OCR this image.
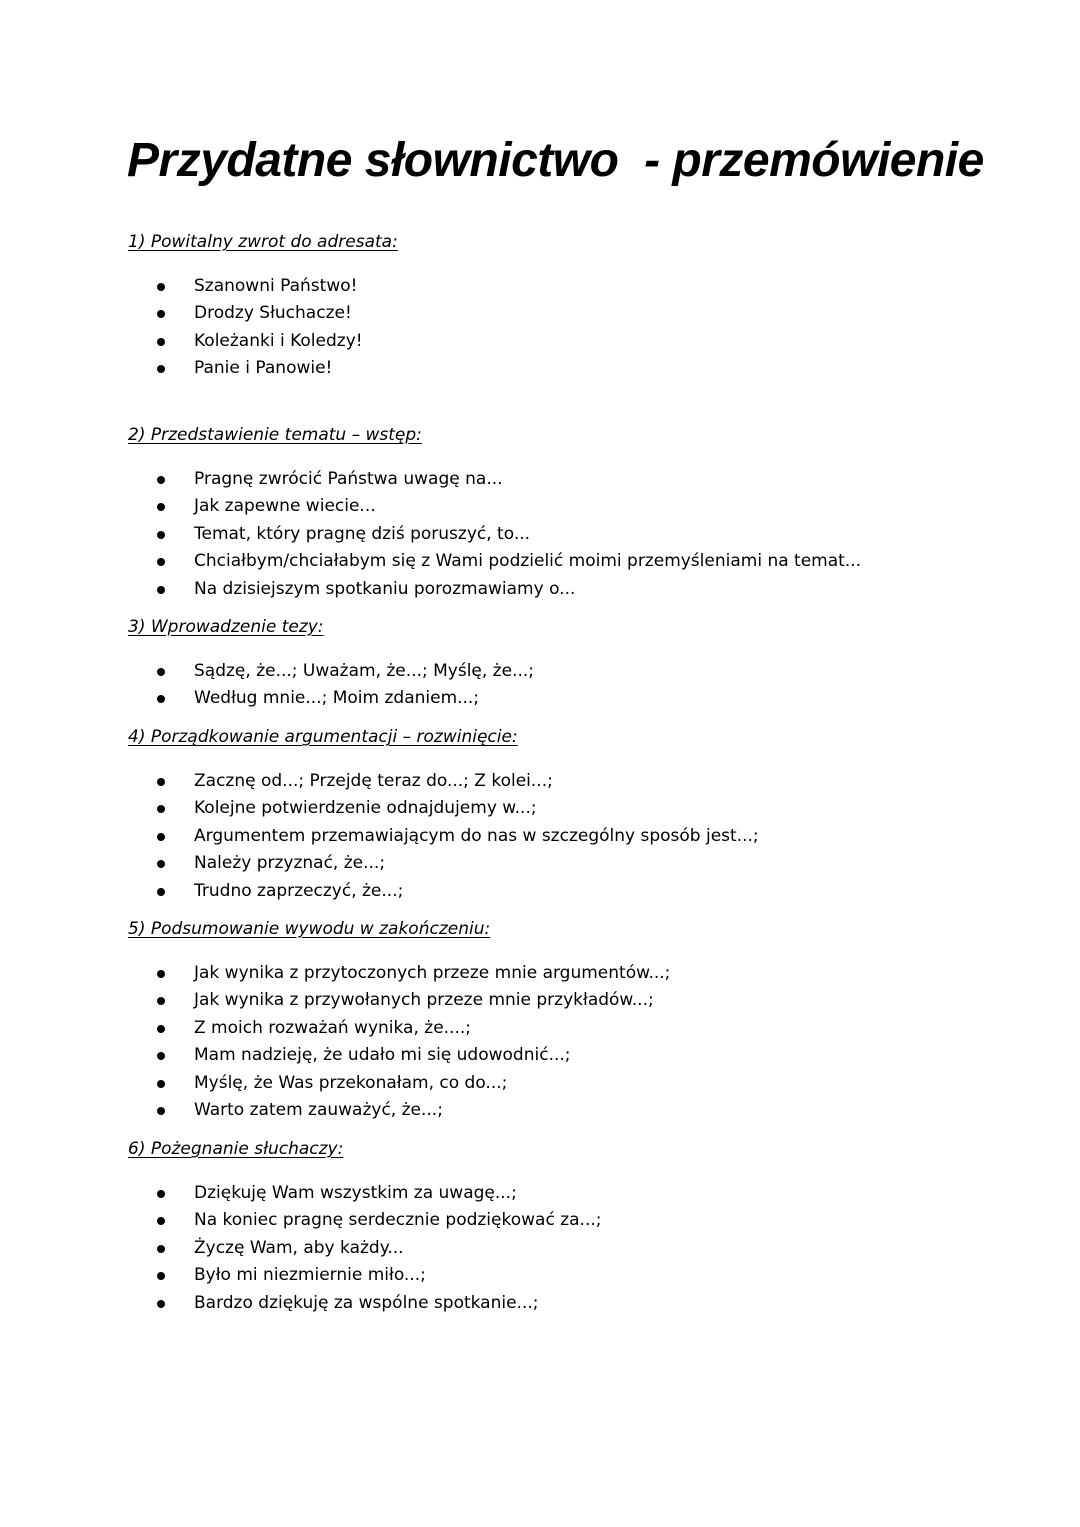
Przydatne słownictwo  - przemówienie

1) Powitalny zwrot do adresata:

Szanowni Państwo!
Drodzy Słuchacze!
Koleżanki i Koledzy!
Panie i Panowie!

2) Przedstawienie tematu – wstęp:

Pragnę zwrócić Państwa uwagę na...
Jak zapewne wiecie...
Temat, który pragnę dziś poruszyć, to...
Chciałbym/chciałabym się z Wami podzielić moimi przemyśleniami na temat...
Na dzisiejszym spotkaniu porozmawiamy o...

3) Wprowadzenie tezy:

Sądzę, że...; Uważam, że...; Myślę, że...;
Według mnie...; Moim zdaniem...;

4) Porządkowanie argumentacji – rozwinięcie:

Zacznę od...; Przejdę teraz do...; Z kolei...;
Kolejne potwierdzenie odnajdujemy w...;
Argumentem przemawiającym do nas w szczególny sposób jest...;
Należy przyznać, że...;
Trudno zaprzeczyć, że...;

5) Podsumowanie wywodu w zakończeniu:

Jak wynika z przytoczonych przeze mnie argumentów...;
Jak wynika z przywołanych przeze mnie przykładów...;
Z moich rozważań wynika, że....;
Mam nadzieję, że udało mi się udowodnić...;
Myślę, że Was przekonałam, co do...;
Warto zatem zauważyć, że...;

6) Pożegnanie słuchaczy:

Dziękuję Wam wszystkim za uwagę...;
Na koniec pragnę serdecznie podziękować za...;
Życzę Wam, aby każdy...
Było mi niezmiernie miło...;
Bardzo dziękuję za wspólne spotkanie...;
